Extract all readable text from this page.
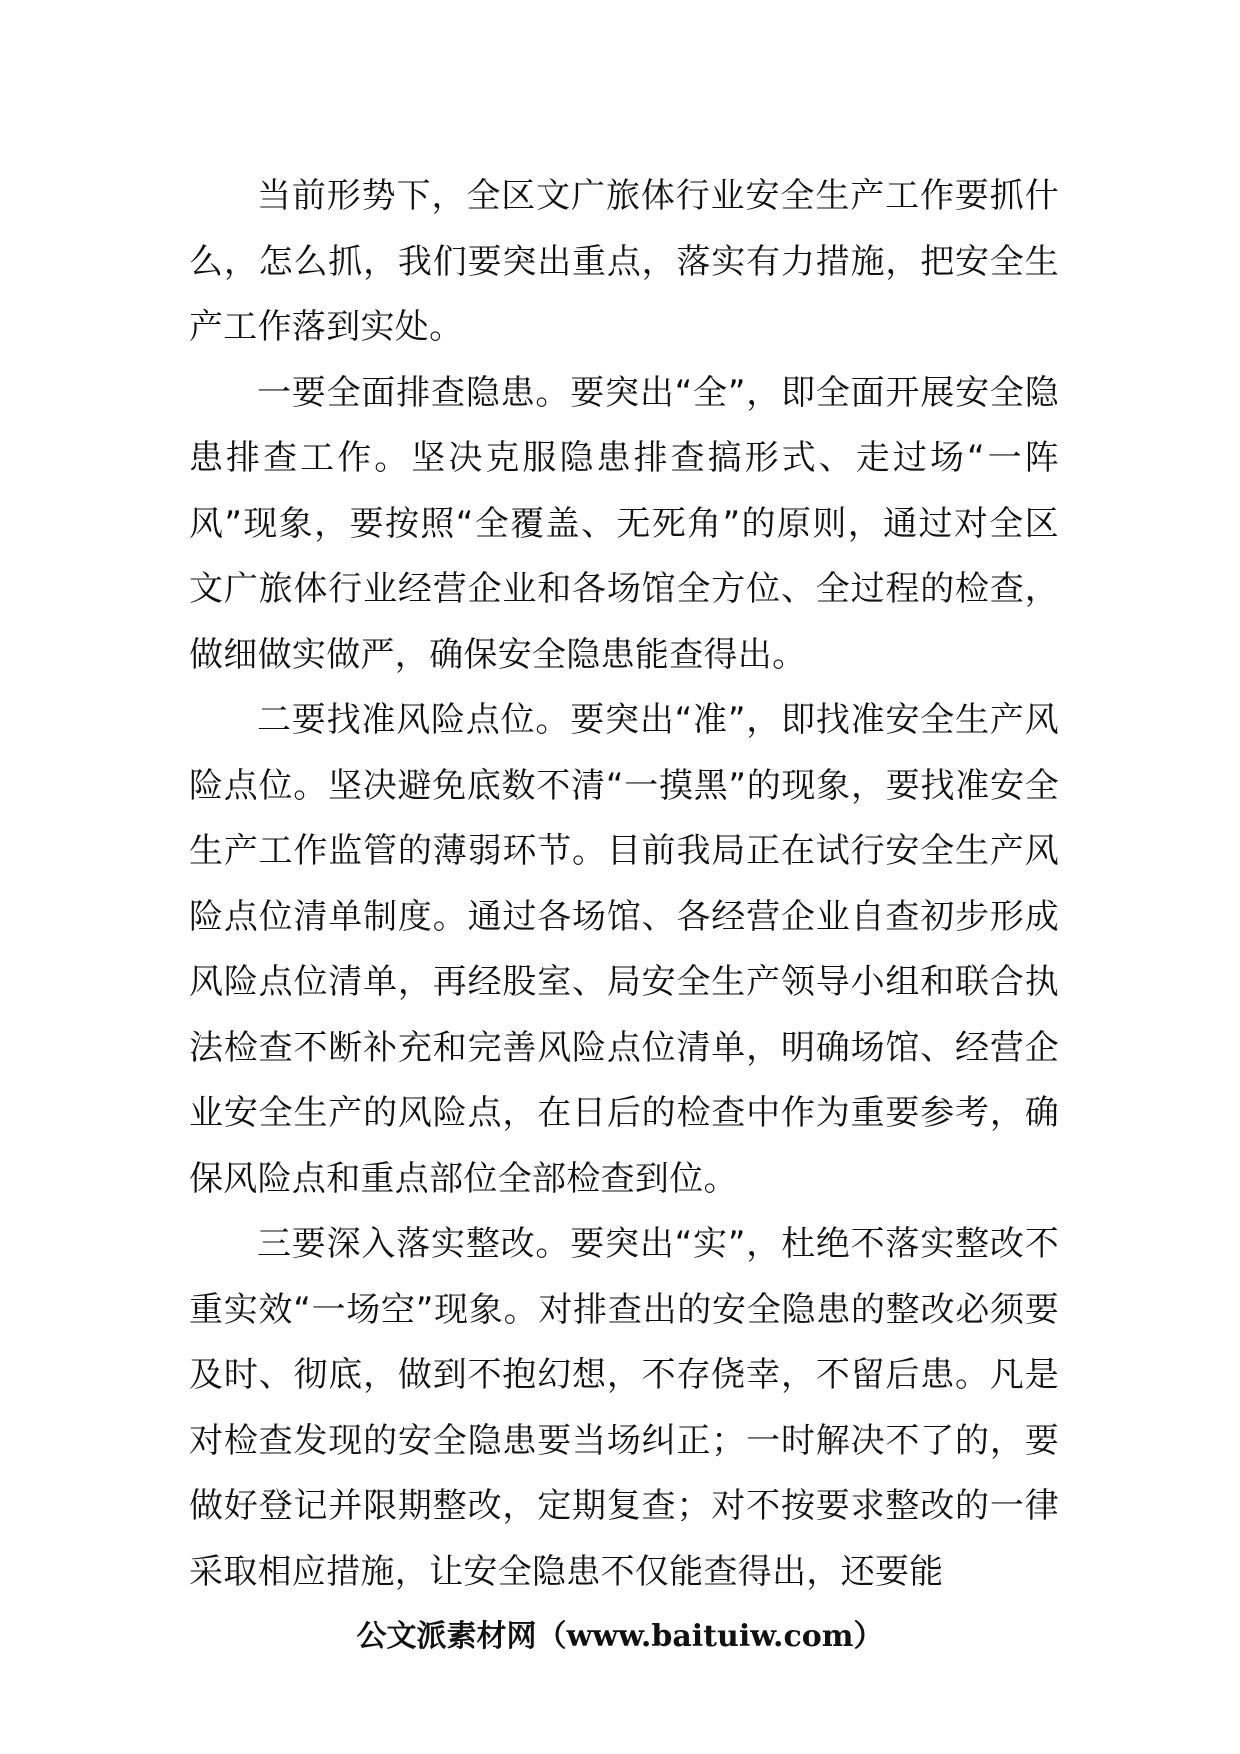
当前形势下，全区文广旅体行业安全生产工作要抓什么，怎么抓，我们要突出重点，落实有力措施，把安全生产工作落到实处。

一要全面排查隐患。要突出“全”，即全面开展安全隐患排查工作。坚决克服隐患排查搞形式、走过场“一阵风”现象，要按照“全覆盖、无死角”的原则，通过对全区文广旅体行业经营企业和各场馆全方位、全过程的检查，做细做实做严，确保安全隐患能查得出。

二要找准风险点位。要突出“准”，即找准安全生产风险点位。坚决避免底数不清“一摸黑”的现象，要找准安全生产工作监管的薄弱环节。目前我局正在试行安全生产风险点位清单制度。通过各场馆、各经营企业自查初步形成风险点位清单，再经股室、局安全生产领导小组和联合执法检查不断补充和完善风险点位清单，明确场馆、经营企业安全生产的风险点，在日后的检查中作为重要参考，确保风险点和重点部位全部检查到位。

三要深入落实整改。要突出“实”，杜绝不落实整改不重实效“一场空”现象。对排查出的安全隐患的整改必须要及时、彻底，做到不抱幻想，不存侥幸，不留后患。凡是对检查发现的安全隐患要当场纠正；一时解决不了的，要做好登记并限期整改，定期复查；对不按要求整改的一律采取相应措施，让安全隐患不仅能查得出，还要能

公文派素材网（www.baituiw.com）
